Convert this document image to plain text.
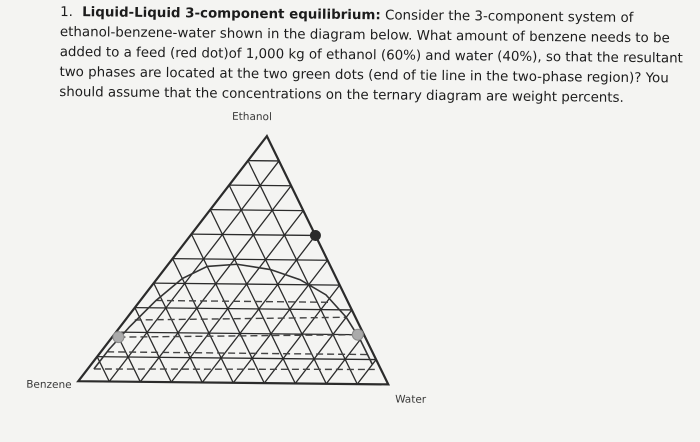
1. Liquid-Liquid 3-component equilibrium: Consider the 3-component system of ethanol-benzene-water shown in the diagram below. What amount of benzene needs to be added to a feed (red dot)of 1,000 kg of ethanol (60%) and water (40%), so that the resultant two phases are located at the two green dots (end of tie line in the two-phase region)? You should assume that the concentrations on the ternary diagram are weight percents.
Ethanol
Benzene
Water
